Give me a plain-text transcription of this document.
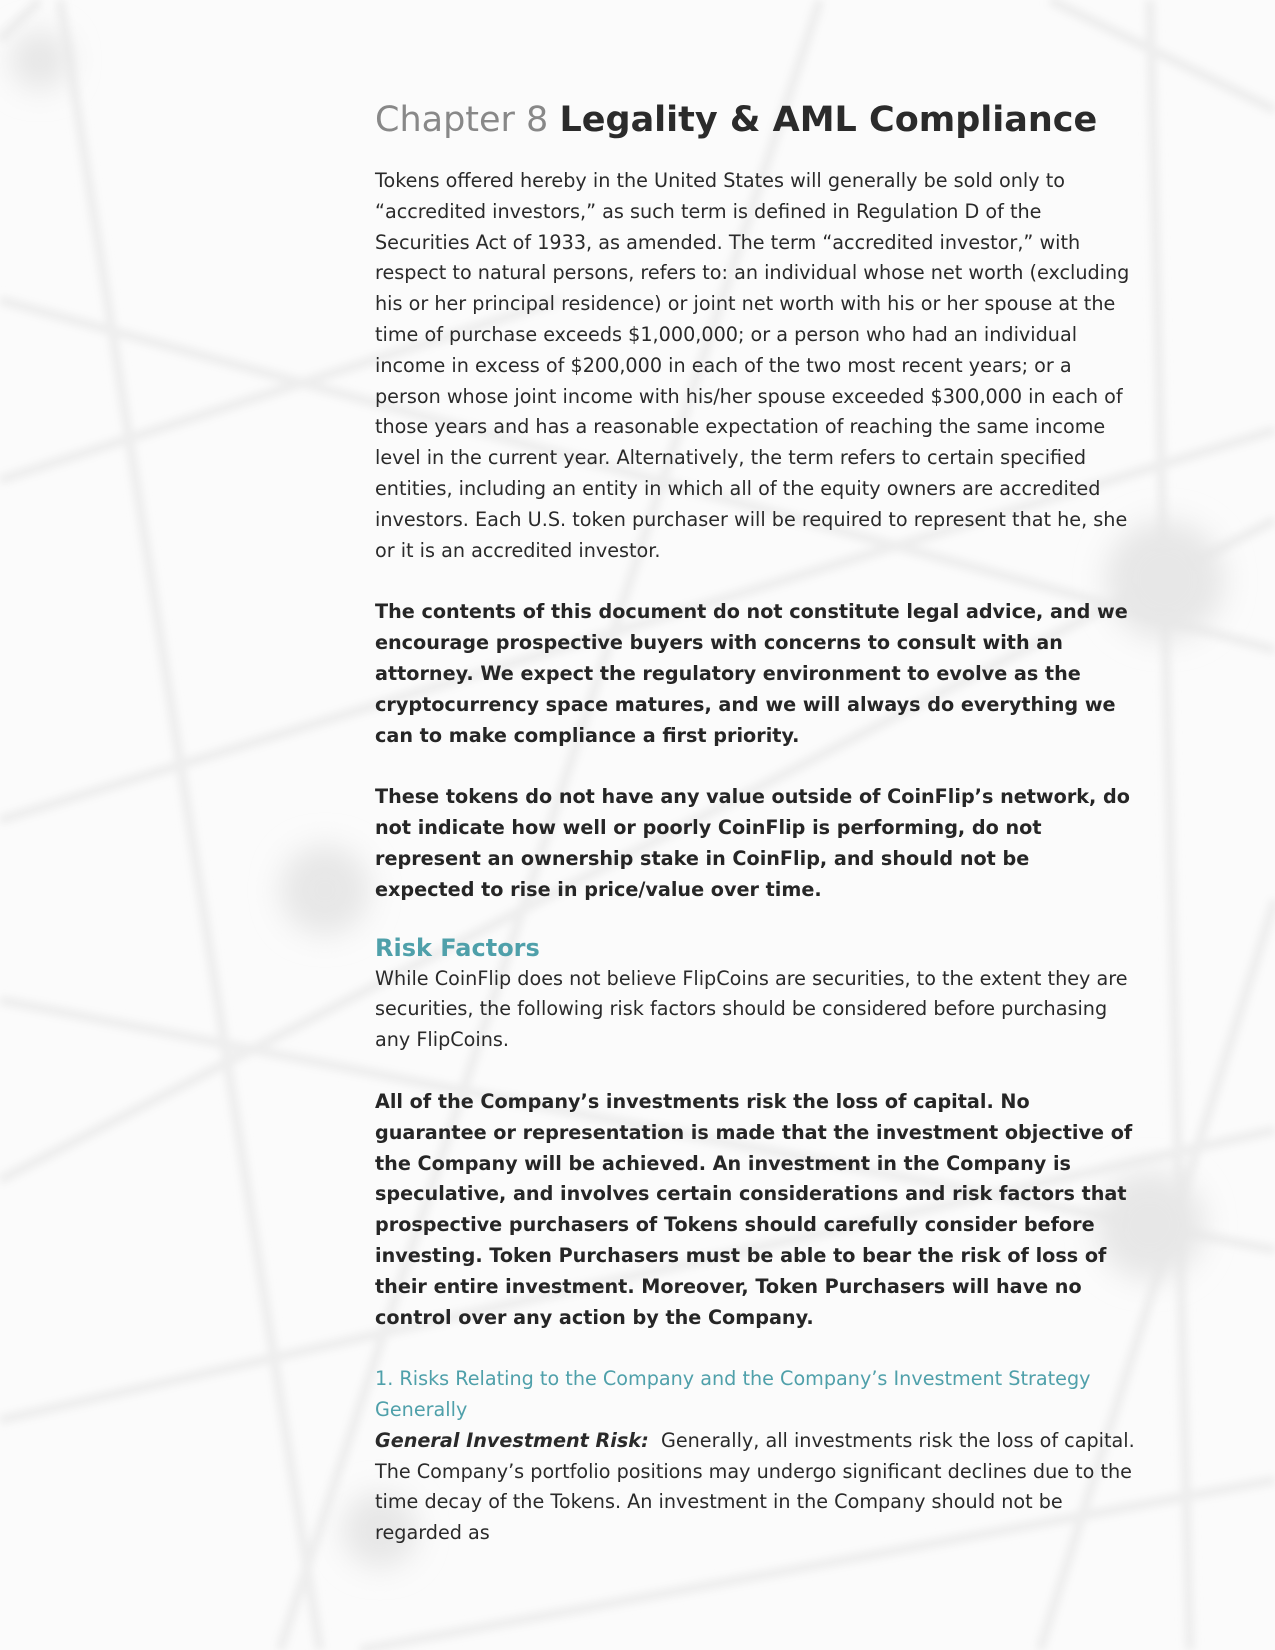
Chapter 8 Legality & AML Compliance

Tokens offered hereby in the United States will generally be sold only to “accredited investors,” as such term is defined in Regulation D of the Securities Act of 1933, as amended. The term “accredited investor,” with respect to natural persons, refers to: an individual whose net worth (excluding his or her principal residence) or joint net worth with his or her spouse at the time of purchase exceeds $1,000,000; or a person who had an individual income in excess of $200,000 in each of the two most recent years; or a person whose joint income with his/her spouse exceeded $300,000 in each of those years and has a reasonable expectation of reaching the same income level in the current year. Alternatively, the term refers to certain specified entities, including an entity in which all of the equity owners are accredited investors. Each U.S. token purchaser will be required to represent that he, she or it is an accredited investor.

The contents of this document do not constitute legal advice, and we encourage prospective buyers with concerns to consult with an attorney. We expect the regulatory environment to evolve as the cryptocurrency space matures, and we will always do everything we can to make compliance a first priority.

These tokens do not have any value outside of CoinFlip’s network, do not indicate how well or poorly CoinFlip is performing, do not represent an ownership stake in CoinFlip, and should not be expected to rise in price/value over time.

Risk Factors

While CoinFlip does not believe FlipCoins are securities, to the extent they are securities, the following risk factors should be considered before purchasing any FlipCoins.

All of the Company’s investments risk the loss of capital. No guarantee or representation is made that the investment objective of the Company will be achieved. An investment in the Company is speculative, and involves certain considerations and risk factors that prospective purchasers of Tokens should carefully consider before investing. Token Purchasers must be able to bear the risk of loss of their entire investment. Moreover, Token Purchasers will have no control over any action by the Company.

1. Risks Relating to the Company and the Company’s Investment Strategy Generally

General Investment Risk:  Generally, all investments risk the loss of capital.  The Company’s portfolio positions may undergo significant declines due to the time decay of the Tokens. An investment in the Company should not be regarded as
